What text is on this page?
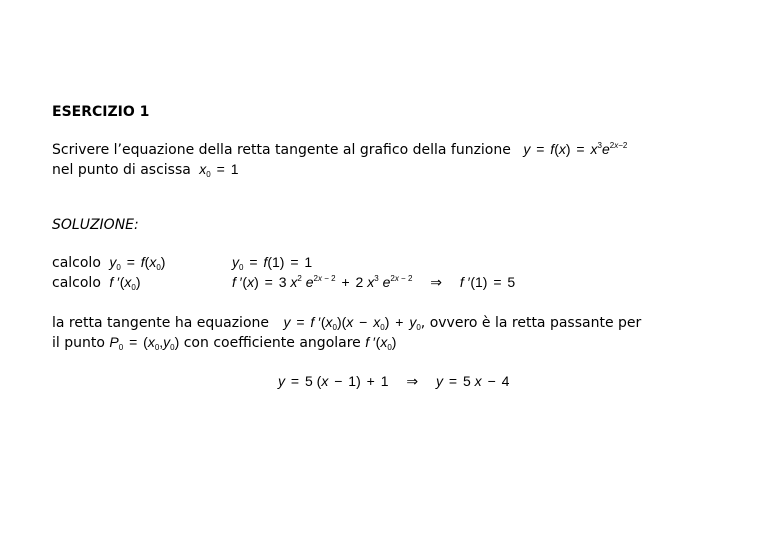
ESERCIZIO 1
Scrivere l’equazione della retta tangente al grafico della funzione $y = f(x) = x^3e^{2x-2}$
nel punto di ascissa $x_0 = 1$
SOLUZIONE:
calcolo $y_0 = f(x_0)$	$y_0 = f(1) = 1$
calcolo f $'(x_0)$	f ′(x) = 3 $x^2$ $e^{2x - 2} + 2$ $x^3$ $e^{2x - 2}$ ⇒ f ′(1) = 5
la retta tangente ha equazione y = f $'(x_0)(x - x_0) + y_0$, ovvero è la retta passante per
il punto $P_0 = (x_0,y_0)$ con coefficiente angolare f $'(x_0)$
y = 5 (x − 1) + 1 ⇒ y = 5 x − 4
